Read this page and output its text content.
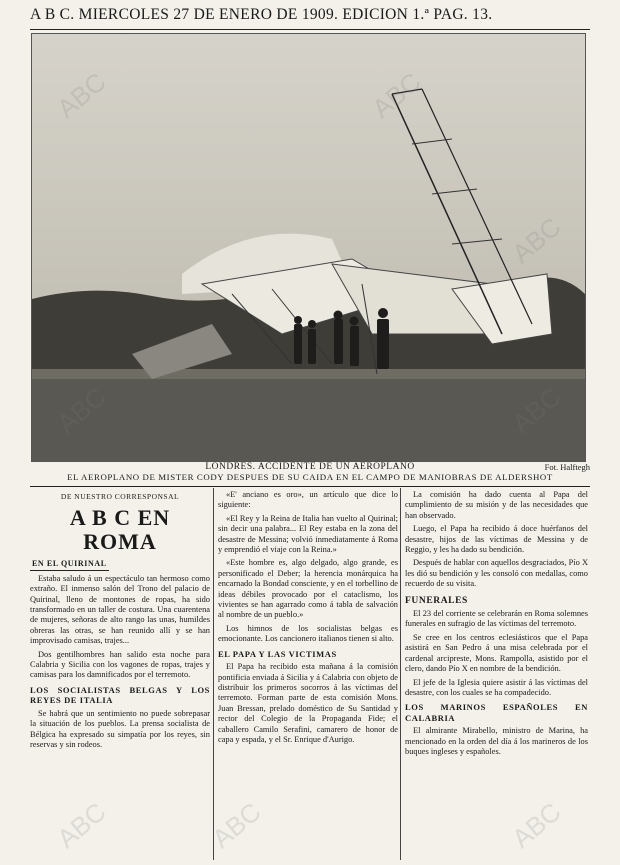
A B C. MIERCOLES 27 DE ENERO DE 1909. EDICION 1.ª PAG. 13.
LONDRES. ACCIDENTE DE UN AEROPLANO	Fot. Halftegh
EL AEROPLANO DE MISTER CODY DESPUES DE SU CAIDA EN EL CAMPO DE MANIOBRAS DE ALDERSHOT
DE NUESTRO CORRESPONSAL
A B C EN ROMA
EN EL QUIRINAL

Estaba saludo á un espectáculo tan hermoso como extraño. El inmenso salón del Trono del palacio de Quirinal, lleno de montones de ropas, ha sido transformado en un taller de costura. Una cuarentena de mujeres, señoras de alto rango las unas, humildes obreras las otras, se han reunido allí y se han improvisado camisas, trajes...

Dos gentilhombres han salido esta noche para Calabria y Sicilia con los vagones de ropas, trajes y camisas para los damnificados por el terremoto.

LOS SOCIALISTAS BELGAS Y LOS REYES DE ITALIA

Se habrá que un sentimiento no puede sobrepasar la situación de los pueblos. La prensa socialista de Bélgica ha expresado su simpatía por los reyes, sin reservas y sin rodeos.

«E' anciano es oro», un artículo que dice lo siguiente:

«El Rey y la Reina de Italia han vuelto al Quirinal; sin decir una palabra... El Rey estaba en la zona del desastre de Messina; volvió inmediatamente á Roma y emprendió el viaje con la Reina.»

«Este hombre es, algo delgado, algo grande, es personificado el Deber; la herencia monárquica ha encarnado la Bondad consciente, y en el torbellino de ideas débiles provocado por el cataclismo, los vivientes se han agarrado como á tabla de salvación al nombre de un pueblo.»

Los himnos de los socialistas belgas es emocionante. Los cancionero italianos tienen si alto.

EL PAPA Y LAS VICTIMAS

El Papa ha recibido esta mañana á la comisión pontificia enviada á Sicilia y á Calabria con objeto de distribuir los primeros socorros á las víctimas del terremoto. Forman parte de esta comisión Mons. Juan Bressan, prelado doméstico de Su Santidad y rector del Colegio de la Propaganda Fide; el caballero Camilo Serafini, camarero de honor de capa y espada, y el Sr. Enrique d'Aurigo.

La comisión ha dado cuenta al Papa del cumplimiento de su misión y de las necesidades que han observado.

Luego, el Papa ha recibido á doce huérfanos del desastre, hijos de las víctimas de Messina y de Reggio, y les ha dado su bendición.

Después de hablar con aquellos desgraciados, Pío X les dió su bendición y les consoló con medallas, como recuerdo de su visita.

FUNERALES

El 23 del corriente se celebrarán en Roma solemnes funerales en sufragio de las víctimas del terremoto.

Se cree en los centros eclesiásticos que el Papa asistirá en San Pedro á una misa celebrada por el cardenal arcipreste, Mons. Rampolla, asistido por el clero, dando Pío X en nombre de la bendición.

El jefe de la Iglesia quiere asistir á las víctimas del desastre, con los cuales se ha compadecido.

LOS MARINOS ESPAÑOLES EN CALABRIA

El almirante Mirabello, ministro de Marina, ha mencionado en la orden del día á los marineros de los buques ingleses y españoles.

ABC	ABC	ABC
